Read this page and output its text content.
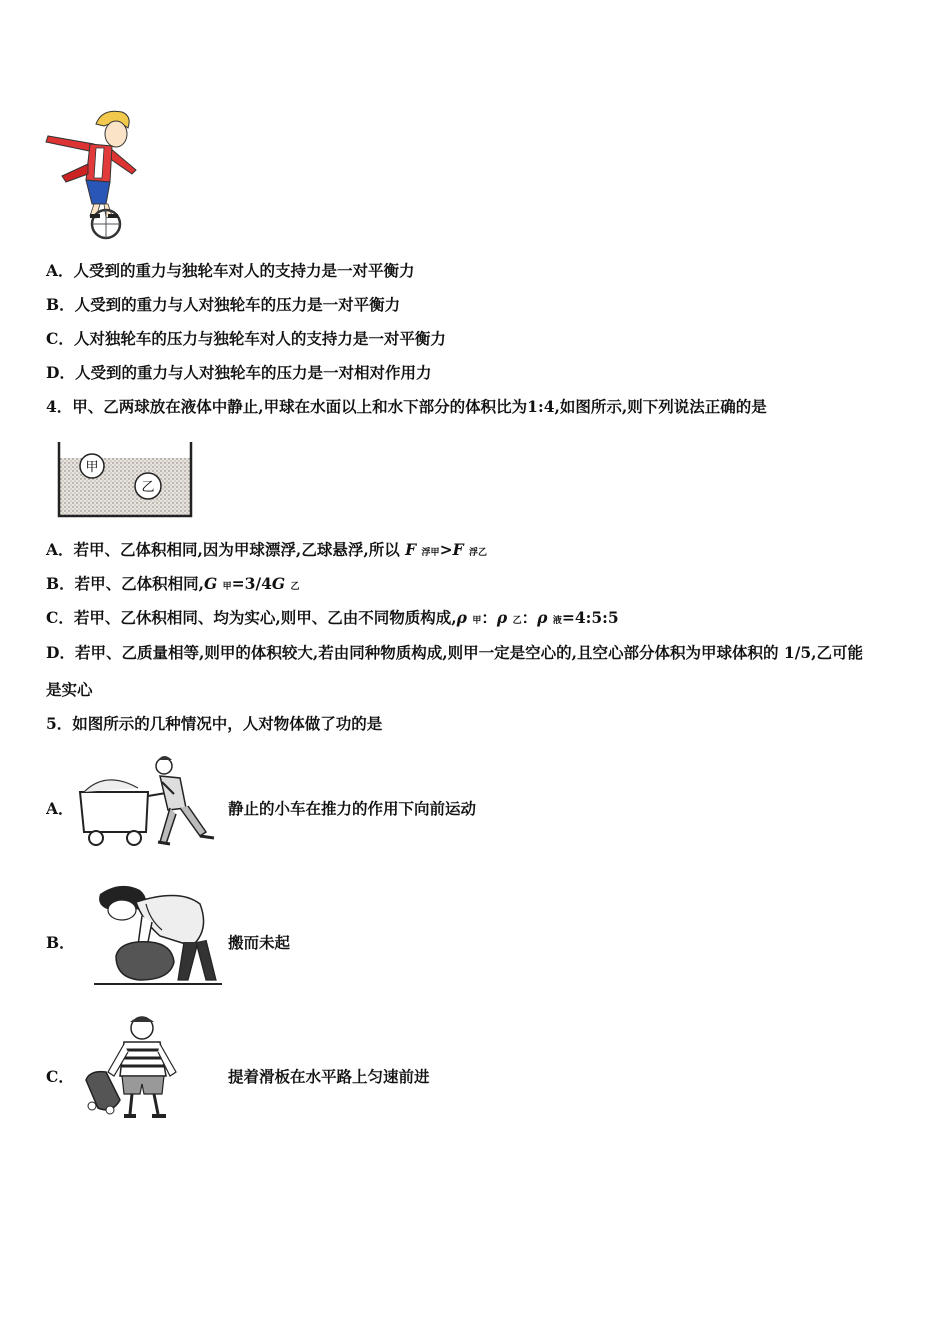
A．人受到的重力与独轮车对人的支持力是一对平衡力
B．人受到的重力与人对独轮车的压力是一对平衡力
C．人对独轮车的压力与独轮车对人的支持力是一对平衡力
D．人受到的重力与人对独轮车的压力是一对相对作用力
4．甲、乙两球放在液体中静止,甲球在水面以上和水下部分的体积比为1:4,如图所示,则下列说法正确的是
甲
乙
A．若甲、乙体积相同,因为甲球漂浮,乙球悬浮,所以 F 浮甲>F 浮乙
B．若甲、乙体积相同,G 甲=3/4G 乙
C．若甲、乙休积相同、均为实心,则甲、乙由不同物质构成,ρ 甲：ρ 乙：ρ 液=4:5:5
D．若甲、乙质量相等,则甲的体积较大,若由同种物质构成,则甲一定是空心的,且空心部分体积为甲球体积的 1/5,乙可能
是实心
5．如图所示的几种情况中，人对物体做了功的是
A．	静止的小车在推力的作用下向前运动
B．	搬而未起
C．	提着滑板在水平路上匀速前进
